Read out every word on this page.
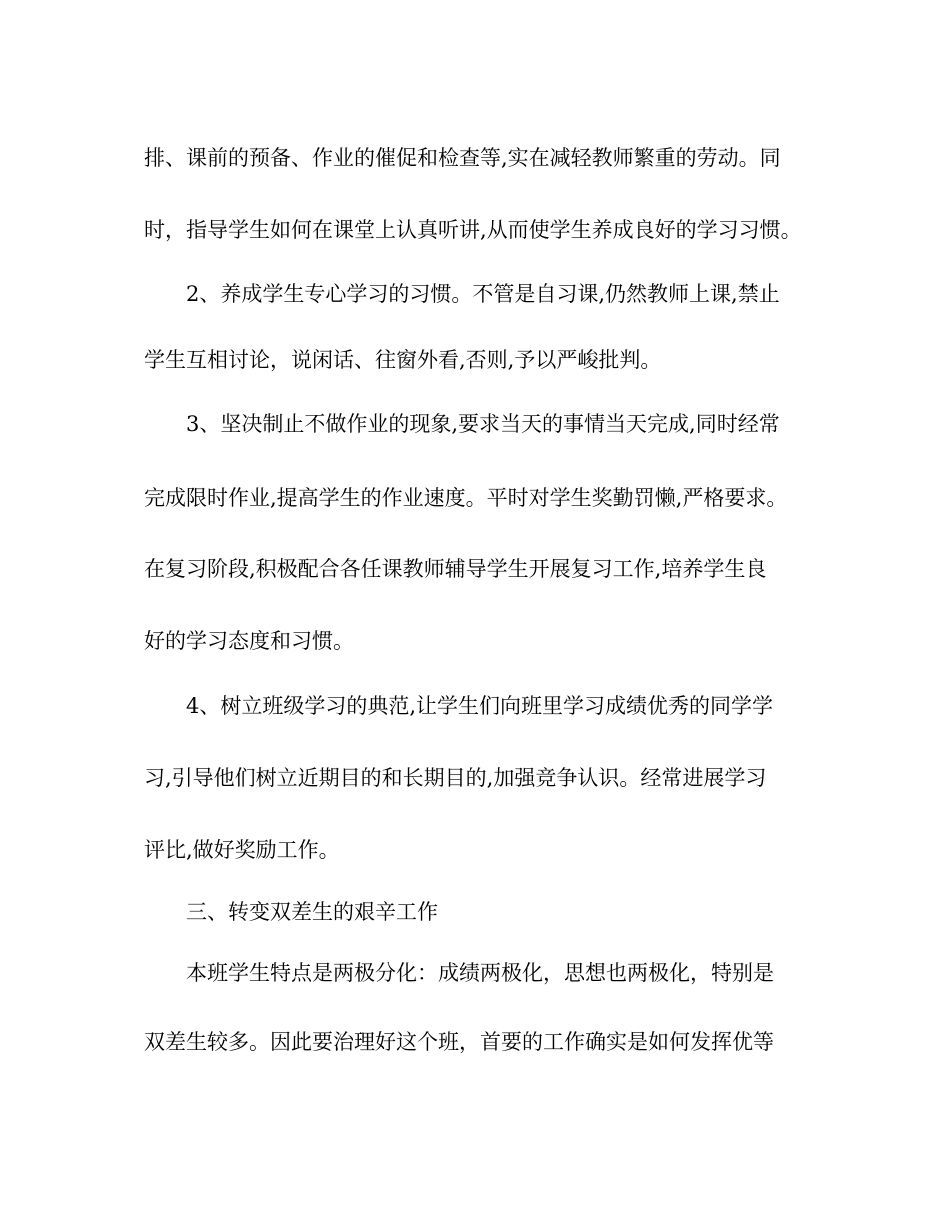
排、课前的预备、作业的催促和检查等,实在减轻教师繁重的劳动。同
时，指导学生如何在课堂上认真听讲,从而使学生养成良好的学习习惯。
2、养成学生专心学习的习惯。不管是自习课,仍然教师上课,禁止
学生互相讨论，说闲话、往窗外看,否则,予以严峻批判。
3、坚决制止不做作业的现象,要求当天的事情当天完成,同时经常
完成限时作业,提高学生的作业速度。平时对学生奖勤罚懒,严格要求。
在复习阶段,积极配合各任课教师辅导学生开展复习工作,培养学生良
好的学习态度和习惯。
4、树立班级学习的典范,让学生们向班里学习成绩优秀的同学学
习,引导他们树立近期目的和长期目的,加强竞争认识。经常进展学习
评比,做好奖励工作。
三、转变双差生的艰辛工作
本班学生特点是两极分化：成绩两极化，思想也两极化，特别是
双差生较多。因此要治理好这个班，首要的工作确实是如何发挥优等
